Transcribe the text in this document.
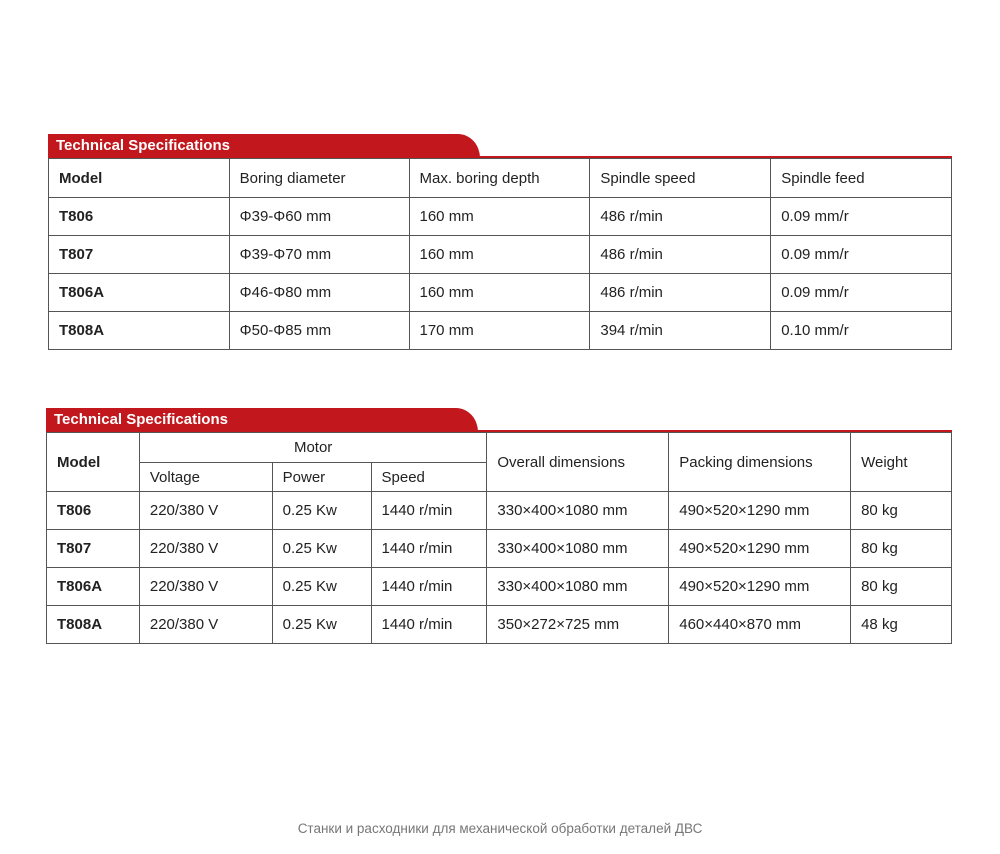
Technical Specifications
Model	Boring diameter	Max. boring depth	Spindle speed	Spindle feed
T806	Φ39-Φ60 mm	160 mm	486 r/min	0.09 mm/r
T807	Φ39-Φ70 mm	160 mm	486 r/min	0.09 mm/r
T806A	Φ46-Φ80 mm	160 mm	486 r/min	0.09 mm/r
T808A	Φ50-Φ85 mm	170 mm	394 r/min	0.10 mm/r
Technical Specifications
Model	Motor			Overall dimensions	Packing dimensions	Weight
	Voltage	Power	Speed			
T806	220/380 V	0.25 Kw	1440 r/min	330×400×1080 mm	490×520×1290 mm	80 kg
T807	220/380 V	0.25 Kw	1440 r/min	330×400×1080 mm	490×520×1290 mm	80 kg
T806A	220/380 V	0.25 Kw	1440 r/min	330×400×1080 mm	490×520×1290 mm	80 kg
T808A	220/380 V	0.25 Kw	1440 r/min	350×272×725 mm	460×440×870 mm	48 kg
Станки и расходники для механической обработки деталей ДВС
